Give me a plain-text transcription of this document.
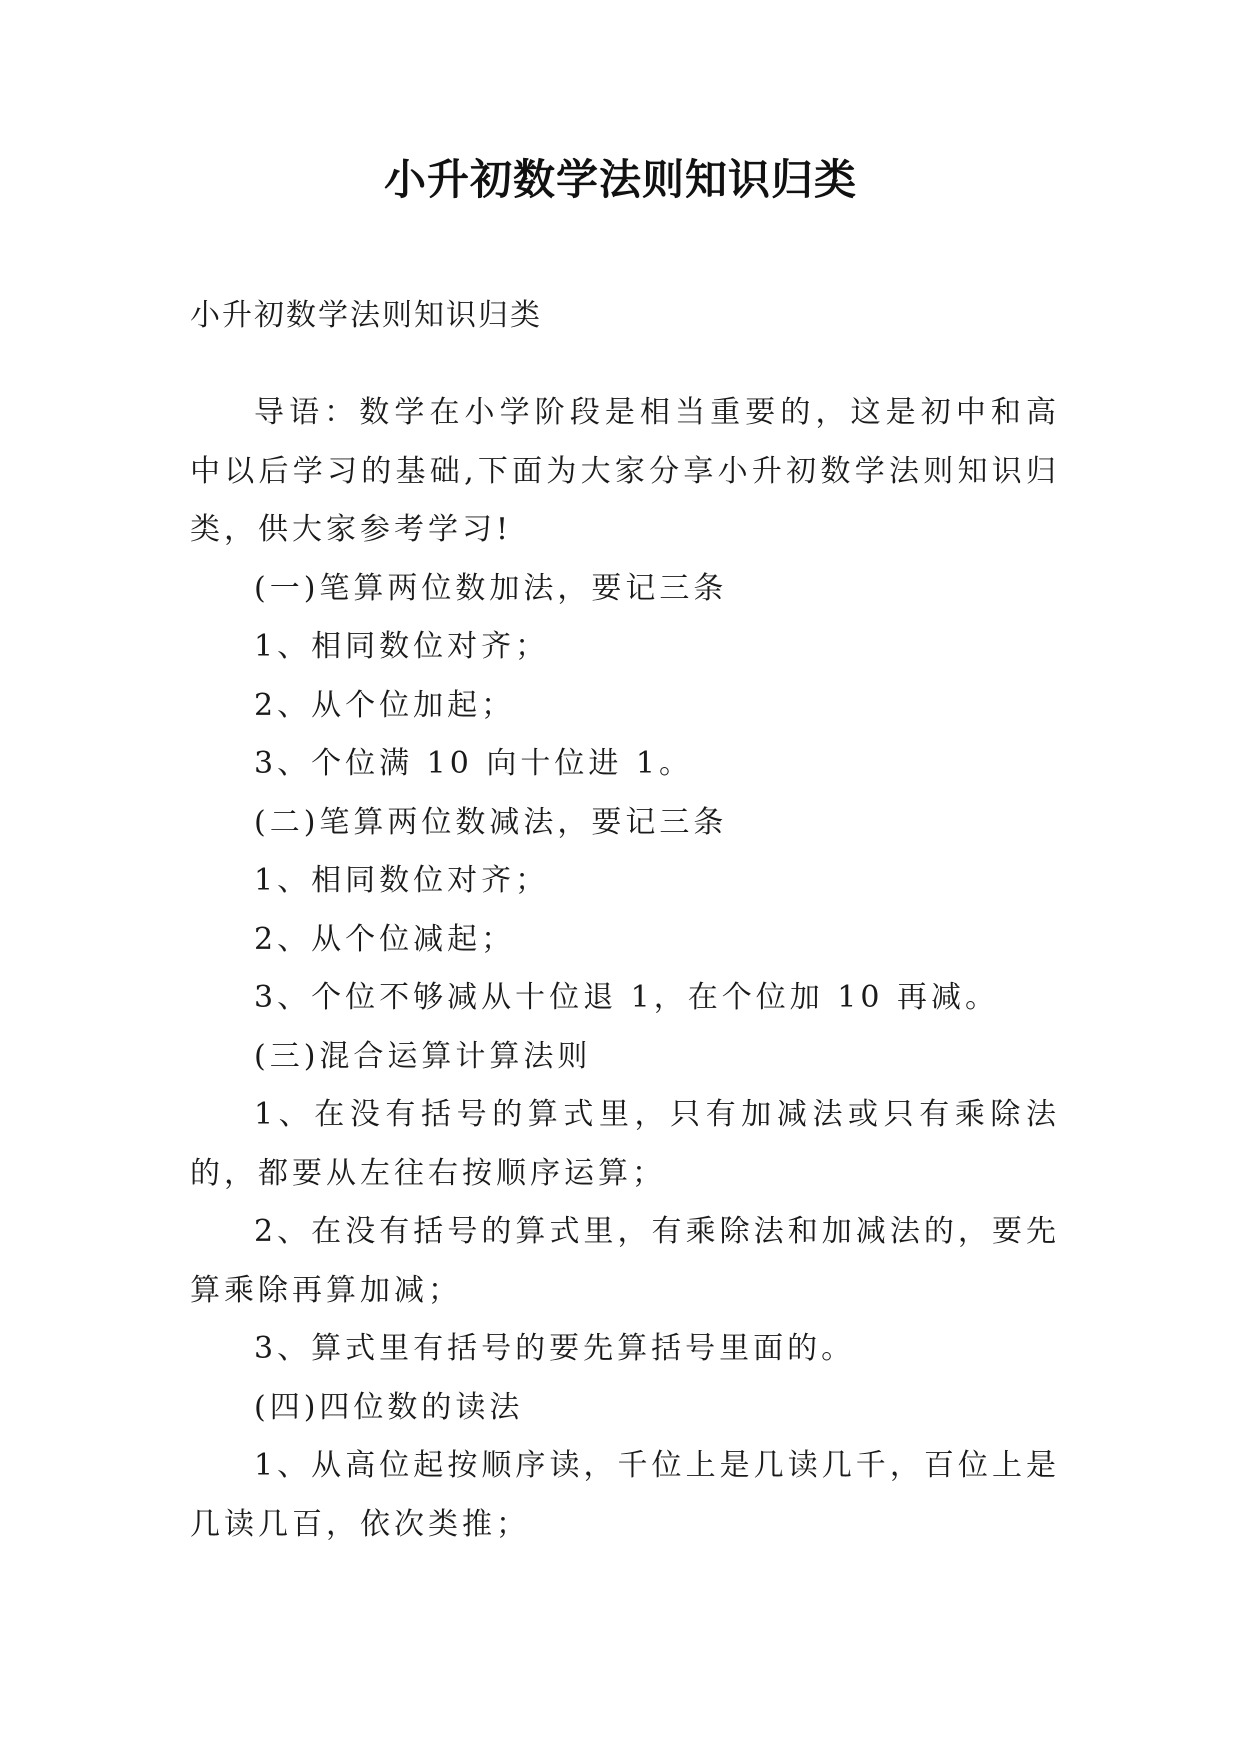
小升初数学法则知识归类

小升初数学法则知识归类

导语：数学在小学阶段是相当重要的，这是初中和高中以后学习的基础,下面为大家分享小升初数学法则知识归类，供大家参考学习!

(一)笔算两位数加法，要记三条

1、相同数位对齐；

2、从个位加起；

3、个位满 10 向十位进 1。

(二)笔算两位数减法，要记三条

1、相同数位对齐；

2、从个位减起；

3、个位不够减从十位退 1，在个位加 10 再减。

(三)混合运算计算法则

1、在没有括号的算式里，只有加减法或只有乘除法的，都要从左往右按顺序运算；

2、在没有括号的算式里，有乘除法和加减法的，要先算乘除再算加减；

3、算式里有括号的要先算括号里面的。

(四)四位数的读法

1、从高位起按顺序读，千位上是几读几千，百位上是几读几百，依次类推；
